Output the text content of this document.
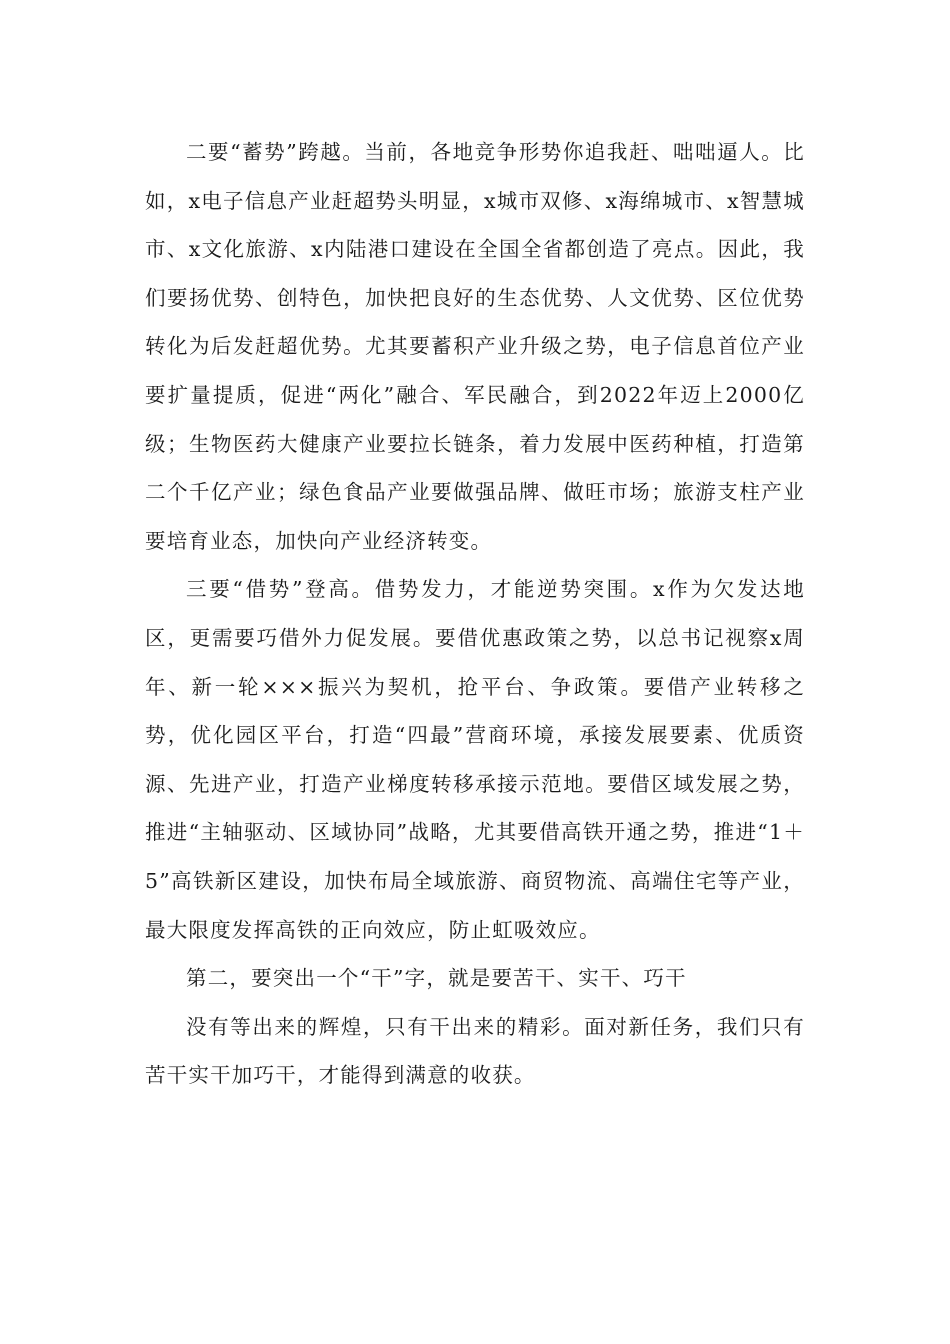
二要“蓄势”跨越。当前，各地竞争形势你追我赶、咄咄逼人。比如，x电子信息产业赶超势头明显，x城市双修、x海绵城市、x智慧城市、x文化旅游、x内陆港口建设在全国全省都创造了亮点。因此，我们要扬优势、创特色，加快把良好的生态优势、人文优势、区位优势转化为后发赶超优势。尤其要蓄积产业升级之势，电子信息首位产业要扩量提质，促进“两化”融合、军民融合，到2022年迈上2000亿级；生物医药大健康产业要拉长链条，着力发展中医药种植，打造第二个千亿产业；绿色食品产业要做强品牌、做旺市场；旅游支柱产业要培育业态，加快向产业经济转变。

三要“借势”登高。借势发力，才能逆势突围。x作为欠发达地区，更需要巧借外力促发展。要借优惠政策之势，以总书记视察x周年、新一轮×××振兴为契机，抢平台、争政策。要借产业转移之势，优化园区平台，打造“四最”营商环境，承接发展要素、优质资源、先进产业，打造产业梯度转移承接示范地。要借区域发展之势，推进“主轴驱动、区域协同”战略，尤其要借高铁开通之势，推进“1＋5”高铁新区建设，加快布局全域旅游、商贸物流、高端住宅等产业，最大限度发挥高铁的正向效应，防止虹吸效应。

第二，要突出一个“干”字，就是要苦干、实干、巧干

没有等出来的辉煌，只有干出来的精彩。面对新任务，我们只有苦干实干加巧干，才能得到满意的收获。
